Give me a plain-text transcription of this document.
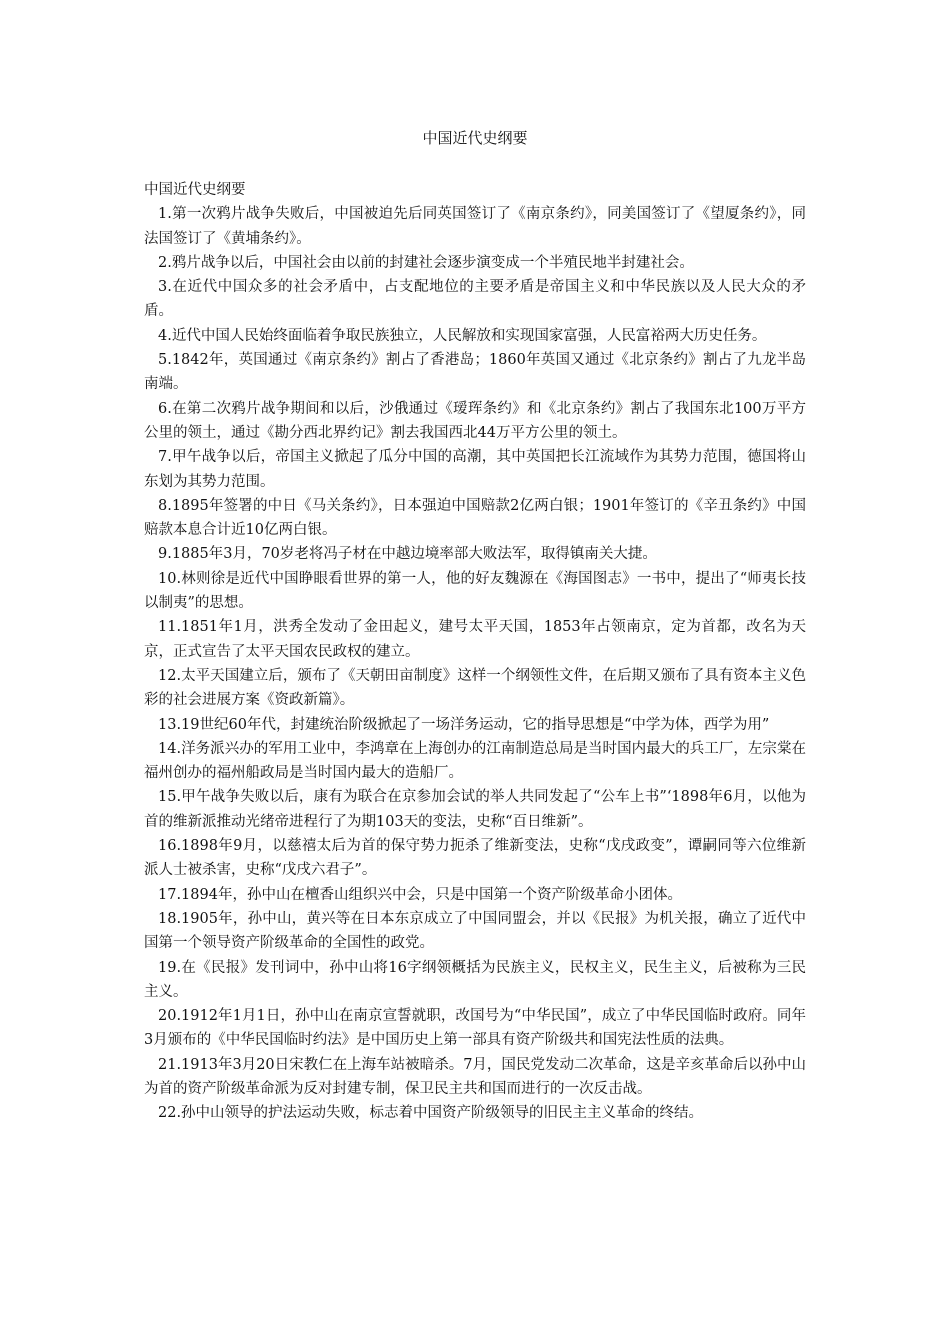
中国近代史纲要

中国近代史纲要

1.第一次鸦片战争失败后，中国被迫先后同英国签订了《南京条约》，同美国签订了《望厦条约》，同法国签订了《黄埔条约》。

2.鸦片战争以后，中国社会由以前的封建社会逐步演变成一个半殖民地半封建社会。

3.在近代中国众多的社会矛盾中，占支配地位的主要矛盾是帝国主义和中华民族以及人民大众的矛盾。

4.近代中国人民始终面临着争取民族独立，人民解放和实现国家富强，人民富裕两大历史任务。

5.1842年，英国通过《南京条约》割占了香港岛；1860年英国又通过《北京条约》割占了九龙半岛南端。

6.在第二次鸦片战争期间和以后，沙俄通过《瑷珲条约》和《北京条约》割占了我国东北100万平方公里的领土，通过《勘分西北界约记》割去我国西北44万平方公里的领土。

7.甲午战争以后，帝国主义掀起了瓜分中国的高潮，其中英国把长江流域作为其势力范围，德国将山东划为其势力范围。

8.1895年签署的中日《马关条约》，日本强迫中国赔款2亿两白银；1901年签订的《辛丑条约》中国赔款本息合计近10亿两白银。

9.1885年3月，70岁老将冯子材在中越边境率部大败法军，取得镇南关大捷。

10.林则徐是近代中国睁眼看世界的第一人，他的好友魏源在《海国图志》一书中，提出了“师夷长技以制夷”的思想。

11.1851年1月，洪秀全发动了金田起义，建号太平天国，1853年占领南京，定为首都，改名为天京，正式宣告了太平天国农民政权的建立。

12.太平天国建立后，颁布了《天朝田亩制度》这样一个纲领性文件，在后期又颁布了具有资本主义色彩的社会进展方案《资政新篇》。

13.19世纪60年代，封建统治阶级掀起了一场洋务运动，它的指导思想是“中学为体，西学为用”

14.洋务派兴办的军用工业中，李鸿章在上海创办的江南制造总局是当时国内最大的兵工厂，左宗棠在福州创办的福州船政局是当时国内最大的造船厂。

15.甲午战争失败以后，康有为联合在京参加会试的举人共同发起了“公车上书”‘1898年6月，以他为首的维新派推动光绪帝进程行了为期103天的变法，史称“百日维新”。

16.1898年9月，以慈禧太后为首的保守势力扼杀了维新变法，史称“戊戌政变”，谭嗣同等六位维新派人士被杀害，史称“戊戌六君子”。

17.1894年，孙中山在檀香山组织兴中会，只是中国第一个资产阶级革命小团体。

18.1905年，孙中山，黄兴等在日本东京成立了中国同盟会，并以《民报》为机关报，确立了近代中国第一个领导资产阶级革命的全国性的政党。

19.在《民报》发刊词中，孙中山将16字纲领概括为民族主义，民权主义，民生主义，后被称为三民主义。

20.1912年1月1日，孙中山在南京宣誓就职，改国号为“中华民国”，成立了中华民国临时政府。同年3月颁布的《中华民国临时约法》是中国历史上第一部具有资产阶级共和国宪法性质的法典。

21.1913年3月20日宋教仁在上海车站被暗杀。7月，国民党发动二次革命，这是辛亥革命后以孙中山为首的资产阶级革命派为反对封建专制，保卫民主共和国而进行的一次反击战。

22.孙中山领导的护法运动失败，标志着中国资产阶级领导的旧民主主义革命的终结。
